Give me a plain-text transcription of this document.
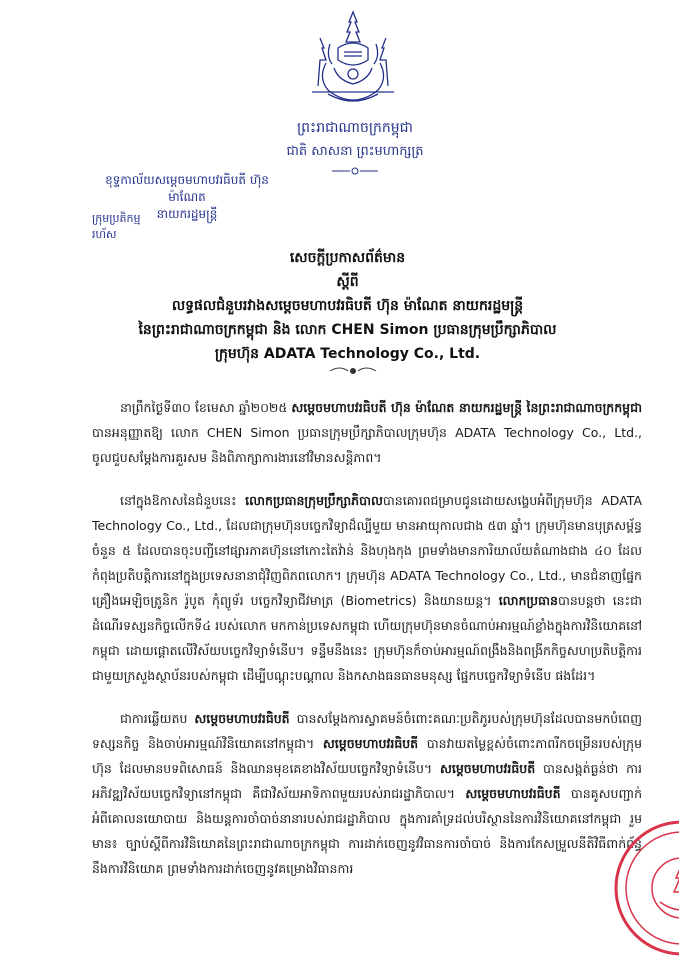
ព្រះរាជាណាចក្រកម្ពុជា
ជាតិ សាសនា ព្រះមហាក្សត្រ
ខុទ្ទកាល័យសម្តេចមហាបវរធិបតី ហ៊ុន ម៉ាណែត
នាយករដ្ឋមន្ត្រី
ក្រុមប្រតិកម្មរហ័ស
សេចក្តីប្រកាសព័ត៌មាន
ស្តីពី
លទ្ធផលជំនួបរវាងសម្តេចមហាបវរធិបតី ហ៊ុន ម៉ាណែត នាយករដ្ឋមន្ត្រី
នៃព្រះរាជាណាចក្រកម្ពុជា និង លោក CHEN Simon ប្រធានក្រុមប្រឹក្សាភិបាល
ក្រុមហ៊ុន ADATA Technology Co., Ltd.

នាព្រឹកថ្ងៃទី៣០ ខែមេសា ឆ្នាំ២០២៥ សម្តេចមហាបវរធិបតី ហ៊ុន ម៉ាណែត នាយករដ្ឋមន្ត្រី នៃព្រះរាជាណាចក្រកម្ពុជា បានអនុញ្ញាតឱ្យ លោក CHEN Simon ប្រធានក្រុមប្រឹក្សាភិបាលក្រុមហ៊ុន ADATA Technology Co., Ltd., ចូលជួបសម្តែងការគួរសម និងពិភាក្សាការងារនៅវិមានសន្តិភាព។

នៅក្នុងឱកាសនៃជំនួបនេះ លោកប្រធានក្រុមប្រឹក្សាភិបាលបានគោរពជម្រាបជូនដោយសង្ខេបអំពីក្រុមហ៊ុន ADATA Technology Co., Ltd., ដែលជាក្រុមហ៊ុនបច្ចេកវិទ្យាដ៏ល្បីមួយ មានអាយុកាលជាង ៥៣ ឆ្នាំ។ ក្រុមហ៊ុនមានបុត្រសម្ព័ន្ធចំនួន ៥ ដែលបានចុះបញ្ជីនៅផ្សារភាគហ៊ុននៅកោះតៃវ៉ាន់ និងហុងកុង ព្រមទាំងមានការិយាល័យតំណាងជាង ៤០ ដែលកំពុងប្រតិបត្តិការនៅក្នុងប្រទេសនានាជុំវិញពិភពលោក។ ក្រុមហ៊ុន ADATA Technology Co., Ltd., មានជំនាញផ្នែកគ្រឿងអេឡិចត្រូនិក រ៉ូបូត កុំព្យូទ័រ បច្ចេកវិទ្យាជីវមាត្រ (Biometrics) និងយានយន្ត។ លោកប្រធានបានបន្តថា នេះជាដំណើរទស្សនកិច្ចលើកទី៤ របស់លោក មកកាន់ប្រទេសកម្ពុជា ហើយក្រុមហ៊ុនមានចំណាប់អារម្មណ៍ខ្លាំងក្នុងការវិនិយោគនៅកម្ពុជា ដោយផ្តោតលើវិស័យបច្ចេកវិទ្យាទំនើប។ ទន្ទឹមនឹងនេះ ក្រុមហ៊ុនក៏ចាប់អារម្មណ៍ពង្រឹងនិងពង្រីកកិច្ចសហប្រតិបត្តិការជាមួយក្រសួងស្ថាប័នរបស់កម្ពុជា ដើម្បីបណ្តុះបណ្តាល និងកសាងធនធានមនុស្ស ផ្នែកបច្ចេកវិទ្យាទំនើប ផងដែរ។

ជាការឆ្លើយតប សម្តេចមហាបវរធិបតី បានសម្តែងការស្វាគមន៍ចំពោះគណៈប្រតិភូរបស់ក្រុមហ៊ុនដែលបានមកបំពេញទស្សនកិច្ច និងចាប់អារម្មណ៍វិនិយោគនៅកម្ពុជា។ សម្តេចមហាបវរធិបតី បានវាយតម្លៃខ្ពស់ចំពោះភាពរីកចម្រើនរបស់ក្រុមហ៊ុន ដែលមានបទពិសោធន៍ និងឈានមុខគេខាងវិស័យបច្ចេកវិទ្យាទំនើប។ សម្តេចមហាបវរធិបតី បានសង្កត់ធ្ងន់ថា ការអភិវឌ្ឍវិស័យបច្ចេកវិទ្យានៅកម្ពុជា គឺជាវិស័យអាទិភាពមួយរបស់រាជរដ្ឋាភិបាល។ សម្តេចមហាបវរធិបតី បានគូសបញ្ជាក់អំពីគោលនយោបាយ និងយន្តការចាំបាច់នានារបស់រាជរដ្ឋាភិបាល ក្នុងការគាំទ្រដល់បរិស្ថាននៃការវិនិយោគនៅកម្ពុជា រួមមាន៖ ច្បាប់ស្តីពីការវិនិយោគនៃព្រះរាជាណាចក្រកម្ពុជា ការដាក់ចេញនូវវិធានការចាំបាច់ និងការកែសម្រួលនីតិវិធីពាក់ព័ន្ធនឹងការវិនិយោគ ព្រមទាំងការដាក់ចេញនូវគម្រោងវិធានការ
